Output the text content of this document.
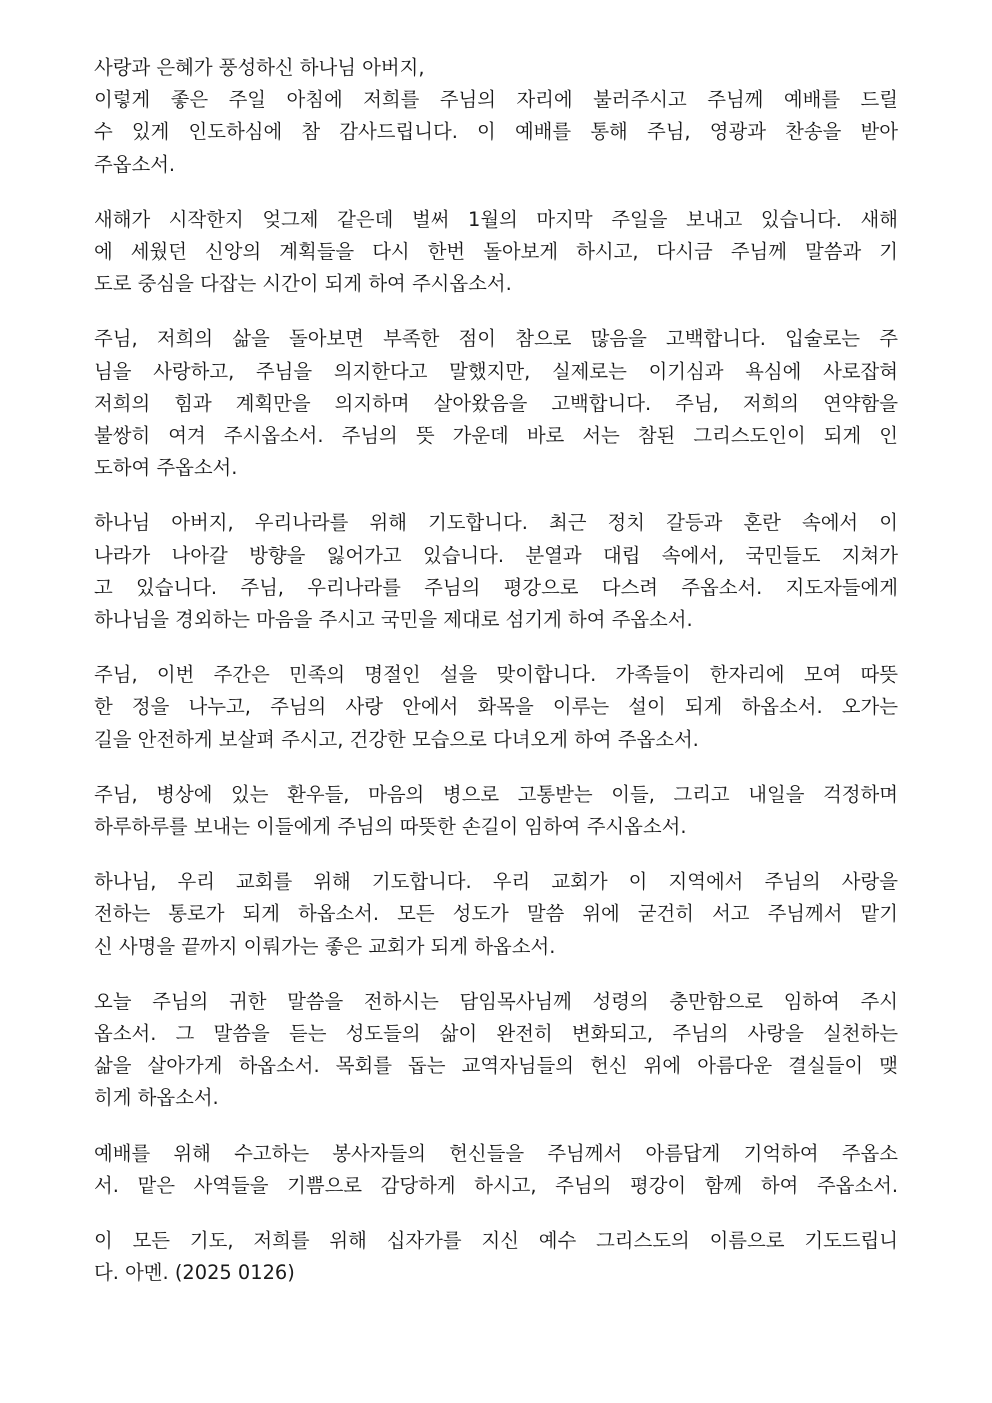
사랑과 은혜가 풍성하신 하나님 아버지,
이렇게 좋은 주일 아침에 저희를 주님의 자리에 불러주시고 주님께 예배를 드릴
수 있게 인도하심에 참 감사드립니다. 이 예배를 통해 주님, 영광과 찬송을 받아
주옵소서.
새해가 시작한지 엊그제 같은데 벌써 1월의 마지막 주일을 보내고 있습니다. 새해
에 세웠던 신앙의 계획들을 다시 한번 돌아보게 하시고, 다시금 주님께 말씀과 기
도로 중심을 다잡는 시간이 되게 하여 주시옵소서.
주님, 저희의 삶을 돌아보면 부족한 점이 참으로 많음을 고백합니다. 입술로는 주
님을 사랑하고, 주님을 의지한다고 말했지만, 실제로는 이기심과 욕심에 사로잡혀
저희의 힘과 계획만을 의지하며 살아왔음을 고백합니다. 주님, 저희의 연약함을
불쌍히 여겨 주시옵소서. 주님의 뜻 가운데 바로 서는 참된 그리스도인이 되게 인
도하여 주옵소서.
하나님 아버지, 우리나라를 위해 기도합니다. 최근 정치 갈등과 혼란 속에서 이
나라가 나아갈 방향을 잃어가고 있습니다. 분열과 대립 속에서, 국민들도 지쳐가
고 있습니다. 주님, 우리나라를 주님의 평강으로 다스려 주옵소서. 지도자들에게
하나님을 경외하는 마음을 주시고 국민을 제대로 섬기게 하여 주옵소서.
주님, 이번 주간은 민족의 명절인 설을 맞이합니다. 가족들이 한자리에 모여 따뜻
한 정을 나누고, 주님의 사랑 안에서 화목을 이루는 설이 되게 하옵소서. 오가는
길을 안전하게 보살펴 주시고, 건강한 모습으로 다녀오게 하여 주옵소서.
주님, 병상에 있는 환우들, 마음의 병으로 고통받는 이들, 그리고 내일을 걱정하며
하루하루를 보내는 이들에게 주님의 따뜻한 손길이 임하여 주시옵소서.
하나님, 우리 교회를 위해 기도합니다. 우리 교회가 이 지역에서 주님의 사랑을
전하는 통로가 되게 하옵소서. 모든 성도가 말씀 위에 굳건히 서고 주님께서 맡기
신 사명을 끝까지 이뤄가는 좋은 교회가 되게 하옵소서.
오늘 주님의 귀한 말씀을 전하시는 담임목사님께 성령의 충만함으로 임하여 주시
옵소서. 그 말씀을 듣는 성도들의 삶이 완전히 변화되고, 주님의 사랑을 실천하는
삶을 살아가게 하옵소서. 목회를 돕는 교역자님들의 헌신 위에 아름다운 결실들이 맺
히게 하옵소서.
예배를 위해 수고하는 봉사자들의 헌신들을 주님께서 아름답게 기억하여 주옵소
서. 맡은 사역들을 기쁨으로 감당하게 하시고, 주님의 평강이 함께 하여 주옵소서.
이 모든 기도, 저희를 위해 십자가를 지신 예수 그리스도의 이름으로 기도드립니
다. 아멘. (2025 0126)
